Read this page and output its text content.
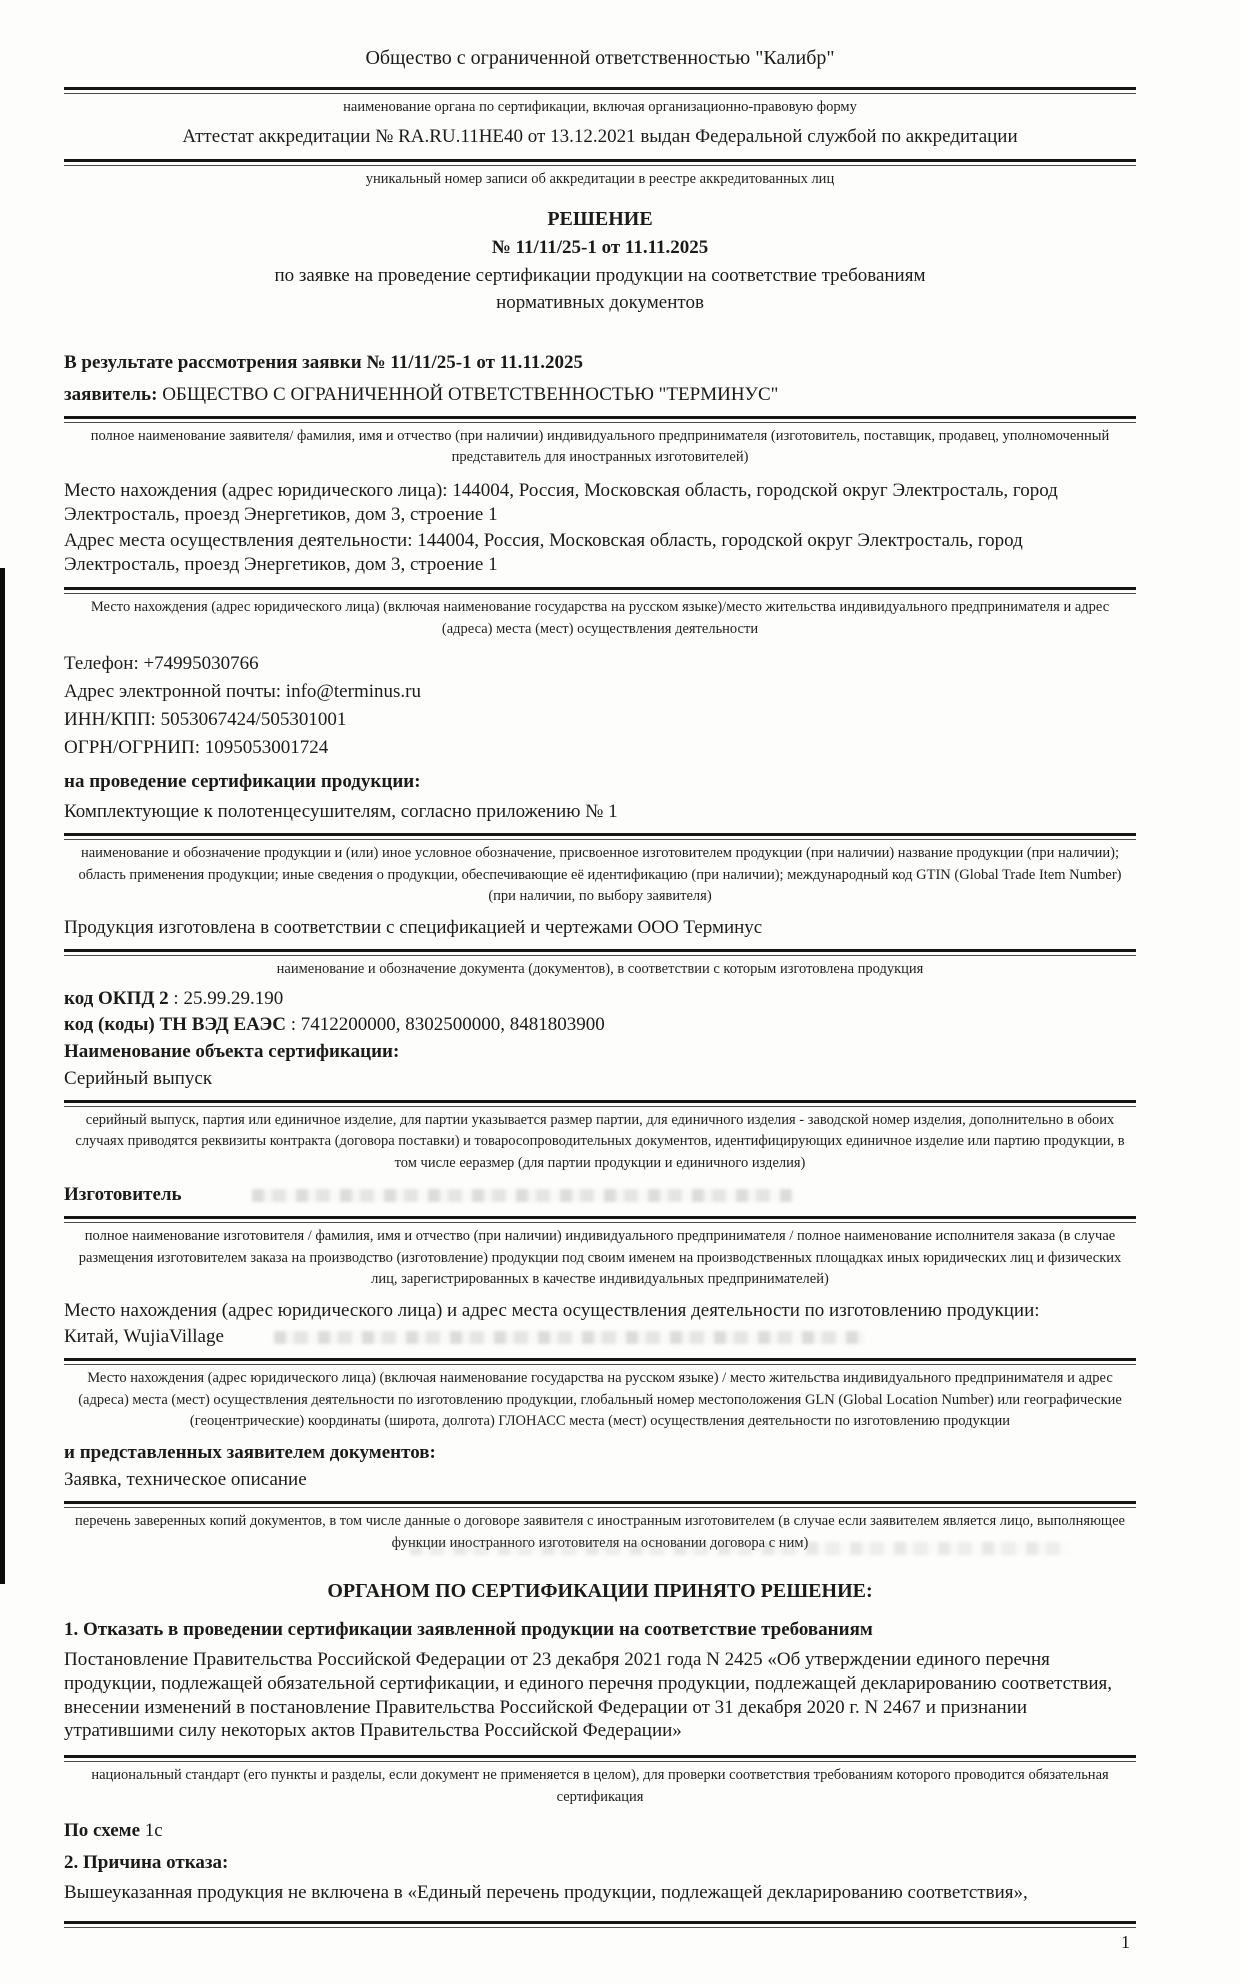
Общество с ограниченной ответственностью "Калибр"

наименование органа по сертификации, включая организационно-правовую форму

Аттестат аккредитации № RA.RU.11НЕ40 от 13.12.2021 выдан Федеральной службой по аккредитации

уникальный номер записи об аккредитации в реестре аккредитованных лиц

РЕШЕНИЕ

№ 11/11/25-1 от 11.11.2025

по заявке на проведение сертификации продукции на соответствие требованиям

нормативных документов

В результате рассмотрения заявки № 11/11/25-1 от 11.11.2025

заявитель: ОБЩЕСТВО С ОГРАНИЧЕННОЙ ОТВЕТСТВЕННОСТЬЮ "ТЕРМИНУС"

полное наименование заявителя/ фамилия, имя и отчество (при наличии) индивидуального предпринимателя (изготовитель, поставщик, продавец, уполномоченный представитель для иностранных изготовителей)

Место нахождения (адрес юридического лица): 144004, Россия, Московская область, городской округ Электросталь, город Электросталь, проезд Энергетиков, дом 3, строение 1

Адрес места осуществления деятельности: 144004, Россия, Московская область, городской округ Электросталь, город Электросталь, проезд Энергетиков, дом 3, строение 1

Место нахождения (адрес юридического лица) (включая наименование государства на русском языке)/место жительства индивидуального предпринимателя и адрес (адреса) места (мест) осуществления деятельности

Телефон: +74995030766

Адрес электронной почты: info@terminus.ru

ИНН/КПП: 5053067424/505301001

ОГРН/ОГРНИП: 1095053001724

на проведение сертификации продукции:

Комплектующие к полотенцесушителям, согласно приложению № 1

наименование и обозначение продукции и (или) иное условное обозначение, присвоенное изготовителем продукции (при наличии) название продукции (при наличии); область применения продукции; иные сведения о продукции, обеспечивающие её идентификацию (при наличии); международный код GTIN (Global Trade Item Number) (при наличии, по выбору заявителя)

Продукция изготовлена в соответствии с спецификацией и чертежами ООО Терминус

наименование и обозначение документа (документов), в соответствии с которым изготовлена продукция

код ОКПД 2 : 25.99.29.190

код (коды) ТН ВЭД ЕАЭС : 7412200000, 8302500000, 8481803900

Наименование объекта сертификации:

Серийный выпуск

серийный выпуск, партия или единичное изделие, для партии указывается размер партии, для единичного изделия - заводской номер изделия, дополнительно в обоих случаях приводятся реквизиты контракта (договора поставки) и товаросопроводительных документов, идентифицирующих единичное изделие или партию продукции, в том числе ееразмер (для партии продукции и единичного изделия)

Изготовитель

полное наименование изготовителя / фамилия, имя и отчество (при наличии) индивидуального предпринимателя / полное наименование исполнителя заказа (в случае размещения изготовителем заказа на производство (изготовление) продукции под своим именем на производственных площадках иных юридических лиц и физических лиц, зарегистрированных в качестве индивидуальных предпринимателей)

Место нахождения (адрес юридического лица) и адрес места осуществления деятельности по изготовлению продукции:

Китай, WujiaVillage

Место нахождения (адрес юридического лица) (включая наименование государства на русском языке) / место жительства индивидуального предпринимателя и адрес (адреса) места (мест) осуществления деятельности по изготовлению продукции, глобальный номер местоположения GLN (Global Location Number) или географические (геоцентрические) координаты (широта, долгота) ГЛОНАСС места (мест) осуществления деятельности по изготовлению продукции

и представленных заявителем документов:

Заявка, техническое описание

перечень заверенных копий документов, в том числе данные о договоре заявителя с иностранным изготовителем (в случае если заявителем является лицо, выполняющее функции иностранного изготовителя на основании договора с ним)

ОРГАНОМ ПО СЕРТИФИКАЦИИ ПРИНЯТО РЕШЕНИЕ:

1. Отказать в проведении сертификации заявленной продукции на соответствие требованиям

Постановление Правительства Российской Федерации от 23 декабря 2021 года N 2425 «Об утверждении единого перечня продукции, подлежащей обязательной сертификации, и единого перечня продукции, подлежащей декларированию соответствия, внесении изменений в постановление Правительства Российской Федерации от 31 декабря 2020 г. N 2467 и признании утратившими силу некоторых актов Правительства Российской Федерации»

национальный стандарт (его пункты и разделы, если документ не применяется в целом), для проверки соответствия требованиям которого проводится обязательная сертификация

По схеме 1с

2. Причина отказа:

Вышеуказанная продукция не включена в «Единый перечень продукции, подлежащей декларированию соответствия»,

1
